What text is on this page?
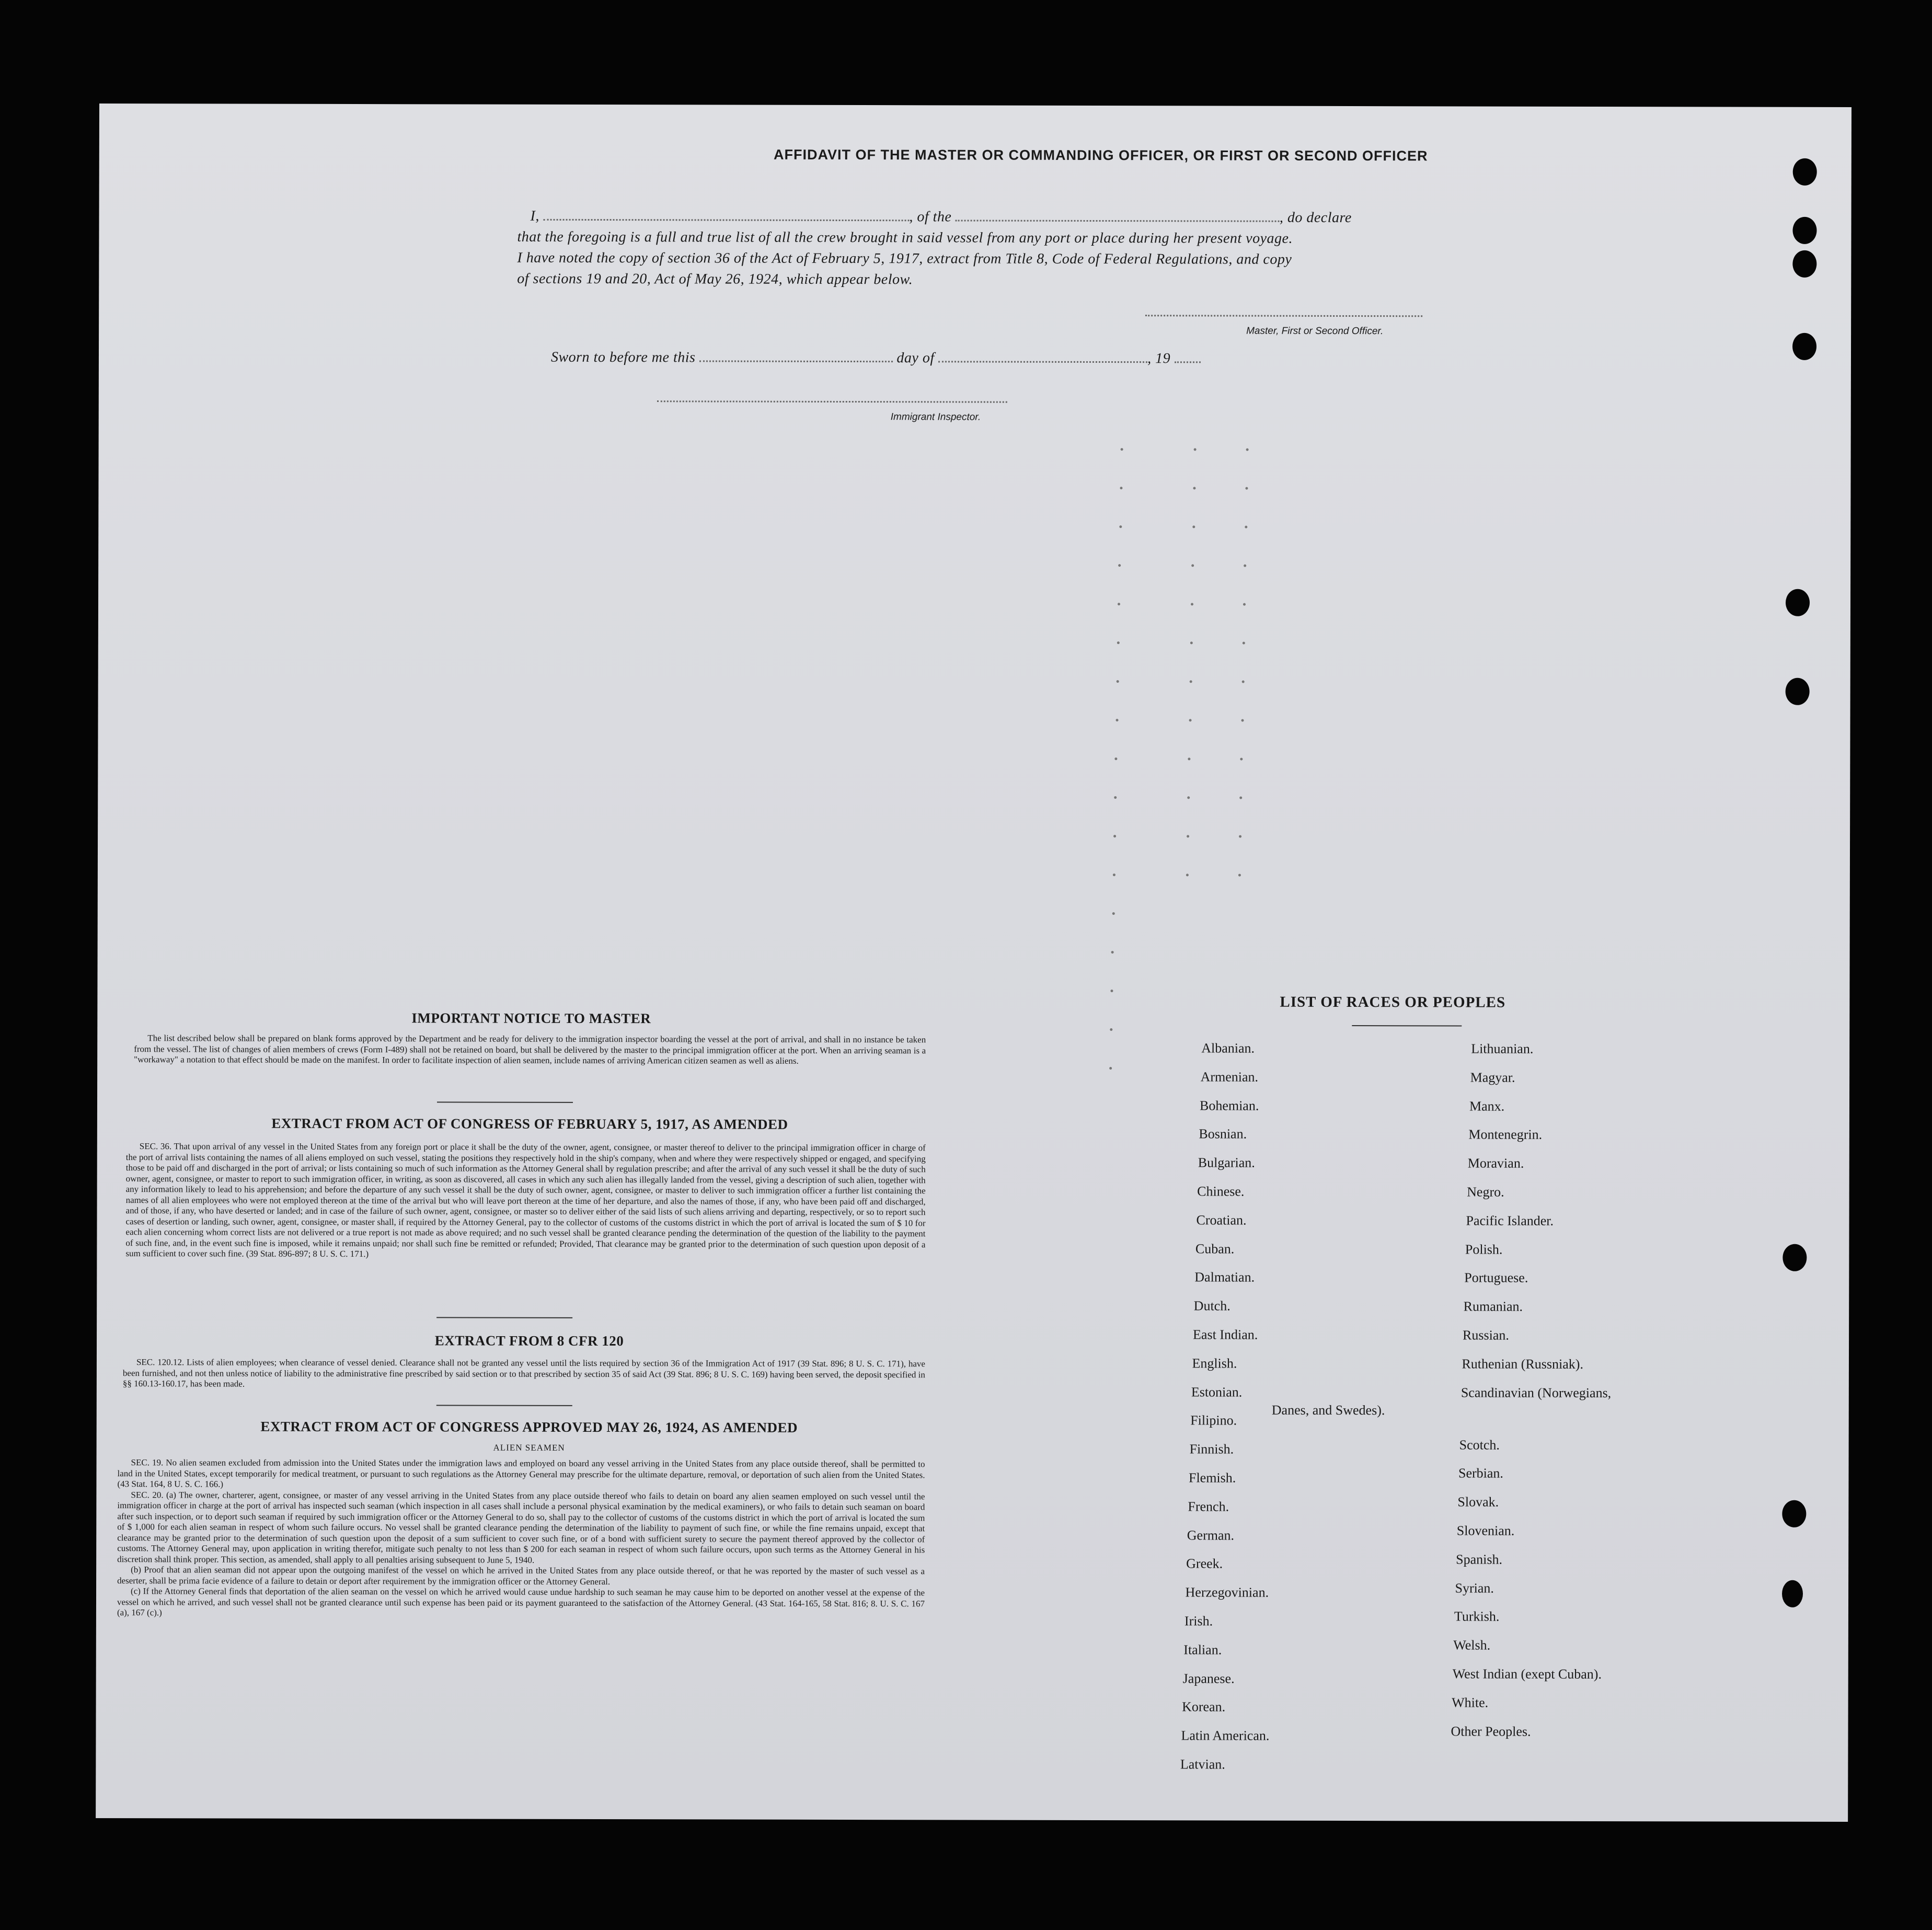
AFFIDAVIT OF THE MASTER OR COMMANDING OFFICER, OR FIRST OR SECOND OFFICER
I,	, of the	, do declare
that the foregoing is a full and true list of all the crew brought in said vessel from any port or place during her present voyage.
I have noted the copy of section 36 of the Act of February 5, 1917, extract from Title 8, Code of Federal Regulations, and copy
of sections 19 and 20, Act of May 26, 1924, which appear below.
Master, First or Second Officer.
Sworn to before me this	day of	, 19
Immigrant Inspector.
IMPORTANT NOTICE TO MASTER

The list described below shall be prepared on blank forms approved by the Department and be ready for delivery to the immigration inspector boarding the vessel at the port of arrival, and shall in no instance be taken from the vessel. The list of changes of alien members of crews (Form I-489) shall not be retained on board, but shall be delivered by the master to the principal immigration officer at the port. When an arriving seaman is a "workaway" a notation to that effect should be made on the manifest. In order to facilitate inspection of alien seamen, include names of arriving American citizen seamen as well as aliens.

EXTRACT FROM ACT OF CONGRESS OF FEBRUARY 5, 1917, AS AMENDED

SEC. 36. That upon arrival of any vessel in the United States from any foreign port or place it shall be the duty of the owner, agent, consignee, or master thereof to deliver to the principal immigration officer in charge of the port of arrival lists containing the names of all aliens employed on such vessel, stating the positions they respectively hold in the ship's company, when and where they were respectively shipped or engaged, and specifying those to be paid off and discharged in the port of arrival; or lists containing so much of such information as the Attorney General shall by regulation prescribe; and after the arrival of any such vessel it shall be the duty of such owner, agent, consignee, or master to report to such immigration officer, in writing, as soon as discovered, all cases in which any such alien has illegally landed from the vessel, giving a description of such alien, together with any information likely to lead to his apprehension; and before the departure of any such vessel it shall be the duty of such owner, agent, consignee, or master to deliver to such immigration officer a further list containing the names of all alien employees who were not employed thereon at the time of the arrival but who will leave port thereon at the time of her departure, and also the names of those, if any, who have been paid off and discharged, and of those, if any, who have deserted or landed; and in case of the failure of such owner, agent, consignee, or master so to deliver either of the said lists of such aliens arriving and departing, respectively, or so to report such cases of desertion or landing, such owner, agent, consignee, or master shall, if required by the Attorney General, pay to the collector of customs of the customs district in which the port of arrival is located the sum of $ 10 for each alien concerning whom correct lists are not delivered or a true report is not made as above required; and no such vessel shall be granted clearance pending the determination of the question of the liability to the payment of such fine, and, in the event such fine is imposed, while it remains unpaid; nor shall such fine be remitted or refunded; Provided, That clearance may be granted prior to the determination of such question upon deposit of a sum sufficient to cover such fine. (39 Stat. 896-897; 8 U. S. C. 171.)

EXTRACT FROM 8 CFR 120

SEC. 120.12. Lists of alien employees; when clearance of vessel denied. Clearance shall not be granted any vessel until the lists required by section 36 of the Immigration Act of 1917 (39 Stat. 896; 8 U. S. C. 171), have been furnished, and not then unless notice of liability to the administrative fine prescribed by said section or to that prescribed by section 35 of said Act (39 Stat. 896; 8 U. S. C. 169) having been served, the deposit specified in §§ 160.13-160.17, has been made.

EXTRACT FROM ACT OF CONGRESS APPROVED MAY 26, 1924, AS AMENDED
ALIEN SEAMEN

SEC. 19. No alien seamen excluded from admission into the United States under the immigration laws and employed on board any vessel arriving in the United States from any place outside thereof, shall be permitted to land in the United States, except temporarily for medical treatment, or pursuant to such regulations as the Attorney General may prescribe for the ultimate departure, removal, or deportation of such alien from the United States. (43 Stat. 164, 8 U. S. C. 166.)

SEC. 20. (a) The owner, charterer, agent, consignee, or master of any vessel arriving in the United States from any place outside thereof who fails to detain on board any alien seamen employed on such vessel until the immigration officer in charge at the port of arrival has inspected such seaman (which inspection in all cases shall include a personal physical examination by the medical examiners), or who fails to detain such seaman on board after such inspection, or to deport such seaman if required by such immigration officer or the Attorney General to do so, shall pay to the collector of customs of the customs district in which the port of arrival is located the sum of $ 1,000 for each alien seaman in respect of whom such failure occurs. No vessel shall be granted clearance pending the determination of the liability to payment of such fine, or while the fine remains unpaid, except that clearance may be granted prior to the determination of such question upon the deposit of a sum sufficient to cover such fine, or of a bond with sufficient surety to secure the payment thereof approved by the collector of customs. The Attorney General may, upon application in writing therefor, mitigate such penalty to not less than $ 200 for each seaman in respect of whom such failure occurs, upon such terms as the Attorney General in his discretion shall think proper. This section, as amended, shall apply to all penalties arising subsequent to June 5, 1940.

(b) Proof that an alien seaman did not appear upon the outgoing manifest of the vessel on which he arrived in the United States from any place outside thereof, or that he was reported by the master of such vessel as a deserter, shall be prima facie evidence of a failure to detain or deport after requirement by the immigration officer or the Attorney General.

(c) If the Attorney General finds that deportation of the alien seaman on the vessel on which he arrived would cause undue hardship to such seaman he may cause him to be deported on another vessel at the expense of the vessel on which he arrived, and such vessel shall not be granted clearance until such expense has been paid or its payment guaranteed to the satisfaction of the Attorney General. (43 Stat. 164-165, 58 Stat. 816; 8. U. S. C. 167 (a), 167 (c).)

LIST OF RACES OR PEOPLES
Albanian.
Armenian.
Bohemian.
Bosnian.
Bulgarian.
Chinese.
Croatian.
Cuban.
Dalmatian.
Dutch.
East Indian.
English.
Estonian.
Filipino.
Finnish.
Flemish.
French.
German.
Greek.
Herzegovinian.
Irish.
Italian.
Japanese.
Korean.
Latin American.
Latvian.
Lithuanian.
Magyar.
Manx.
Montenegrin.
Moravian.
Negro.
Pacific Islander.
Polish.
Portuguese.
Rumanian.
Russian.
Ruthenian (Russniak).
Scandinavian (Norwegians,
Danes, and Swedes).
Scotch.
Serbian.
Slovak.
Slovenian.
Spanish.
Syrian.
Turkish.
Welsh.
West Indian (exept Cuban).
White.
Other Peoples.
